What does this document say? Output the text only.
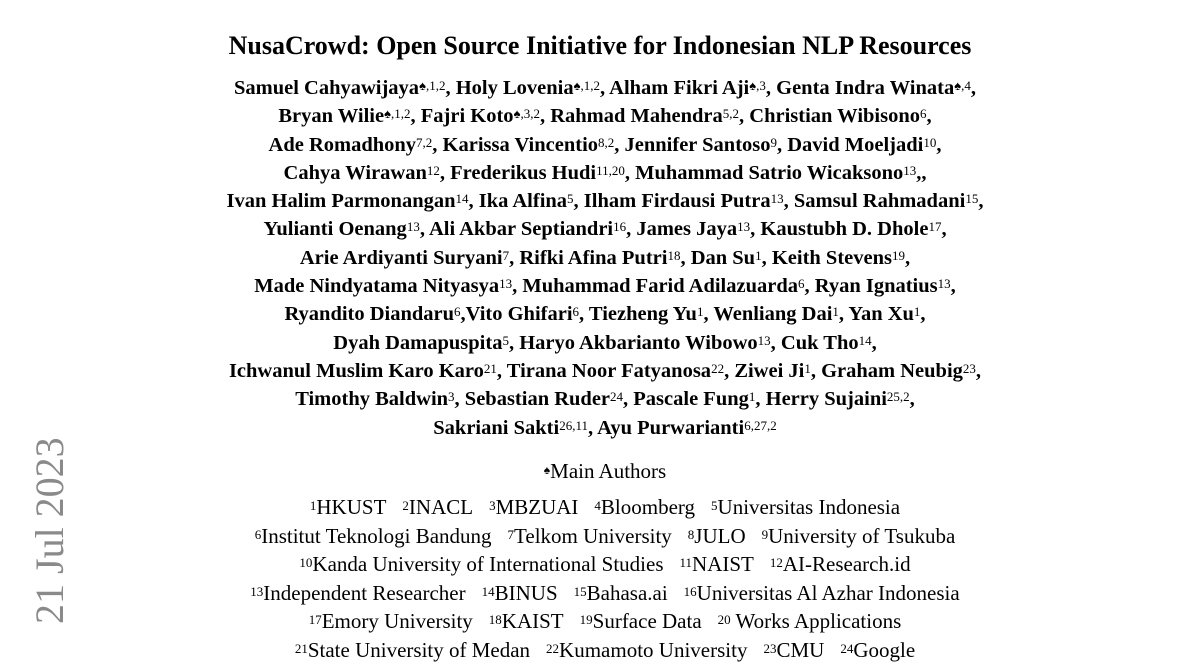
NusaCrowd: Open Source Initiative for Indonesian NLP Resources
Samuel Cahyawijaya$^{♠,1,2}$, Holy Lovenia$^{♠,1,2}$, Alham Fikri Aji$^{♠,3}$, Genta Indra Winata$^{♠,4}$,
Bryan Wilie$^{♠,1,2}$, Fajri Koto$^{♠,3,2}$, Rahmad Mahendra$^{5,2}$, Christian Wibisono$^6$,
Ade Romadhony$^{7,2}$, Karissa Vincentio$^{8,2}$, Jennifer Santoso$^9$, David Moeljadi$^{10}$,
Cahya Wirawan$^{12}$, Frederikus Hudi$^{11,20}$, Muhammad Satrio Wicaksono$^{13}$,,
Ivan Halim Parmonangan$^{14}$, Ika Alfina$^5$, Ilham Firdausi Putra$^{13}$, Samsul Rahmadani$^{15}$,
Yulianti Oenang$^{13}$, Ali Akbar Septiandri$^{16}$, James Jaya$^{13}$, Kaustubh D. Dhole$^{17}$,
Arie Ardiyanti Suryani$^7$, Rifki Afina Putri$^{18}$, Dan Su$^1$, Keith Stevens$^{19}$,
Made Nindyatama Nityasya$^{13}$, Muhammad Farid Adilazuarda$^6$, Ryan Ignatius$^{13}$,
Ryandito Diandaru$^6$,Vito Ghifari$^6$, Tiezheng Yu$^1$, Wenliang Dai$^1$, Yan Xu$^1$,
Dyah Damapuspita$^5$, Haryo Akbarianto Wibowo$^{13}$, Cuk Tho$^{14}$,
Ichwanul Muslim Karo Karo$^{21}$, Tirana Noor Fatyanosa$^{22}$, Ziwei Ji$^1$, Graham Neubig$^{23}$,
Timothy Baldwin$^3$, Sebastian Ruder$^{24}$, Pascale Fung$^1$, Herry Sujaini$^{25,2}$,
Sakriani Sakti$^{26,11}$, Ayu Purwarianti$^{6,27,2}$
♠Main Authors
$^1$HKUST $^2$INACL $^3$MBZUAI $^4$Bloomberg $^5$Universitas Indonesia
$^6$Institut Teknologi Bandung $^7$Telkom University $^8$JULO $^9$University of Tsukuba
$^{10}$Kanda University of International Studies $^{11}$NAIST $^{12}$AI-Research.id
$^{13}$Independent Researcher $^{14}$BINUS $^{15}$Bahasa.ai $^{16}$Universitas Al Azhar Indonesia
$^{17}$Emory University $^{18}$KAIST $^{19}$Surface Data $^{20}$ Works Applications
$^{21}$State University of Medan $^{22}$Kumamoto University $^{23}$CMU $^{24}$Google
21 Jul 2023
